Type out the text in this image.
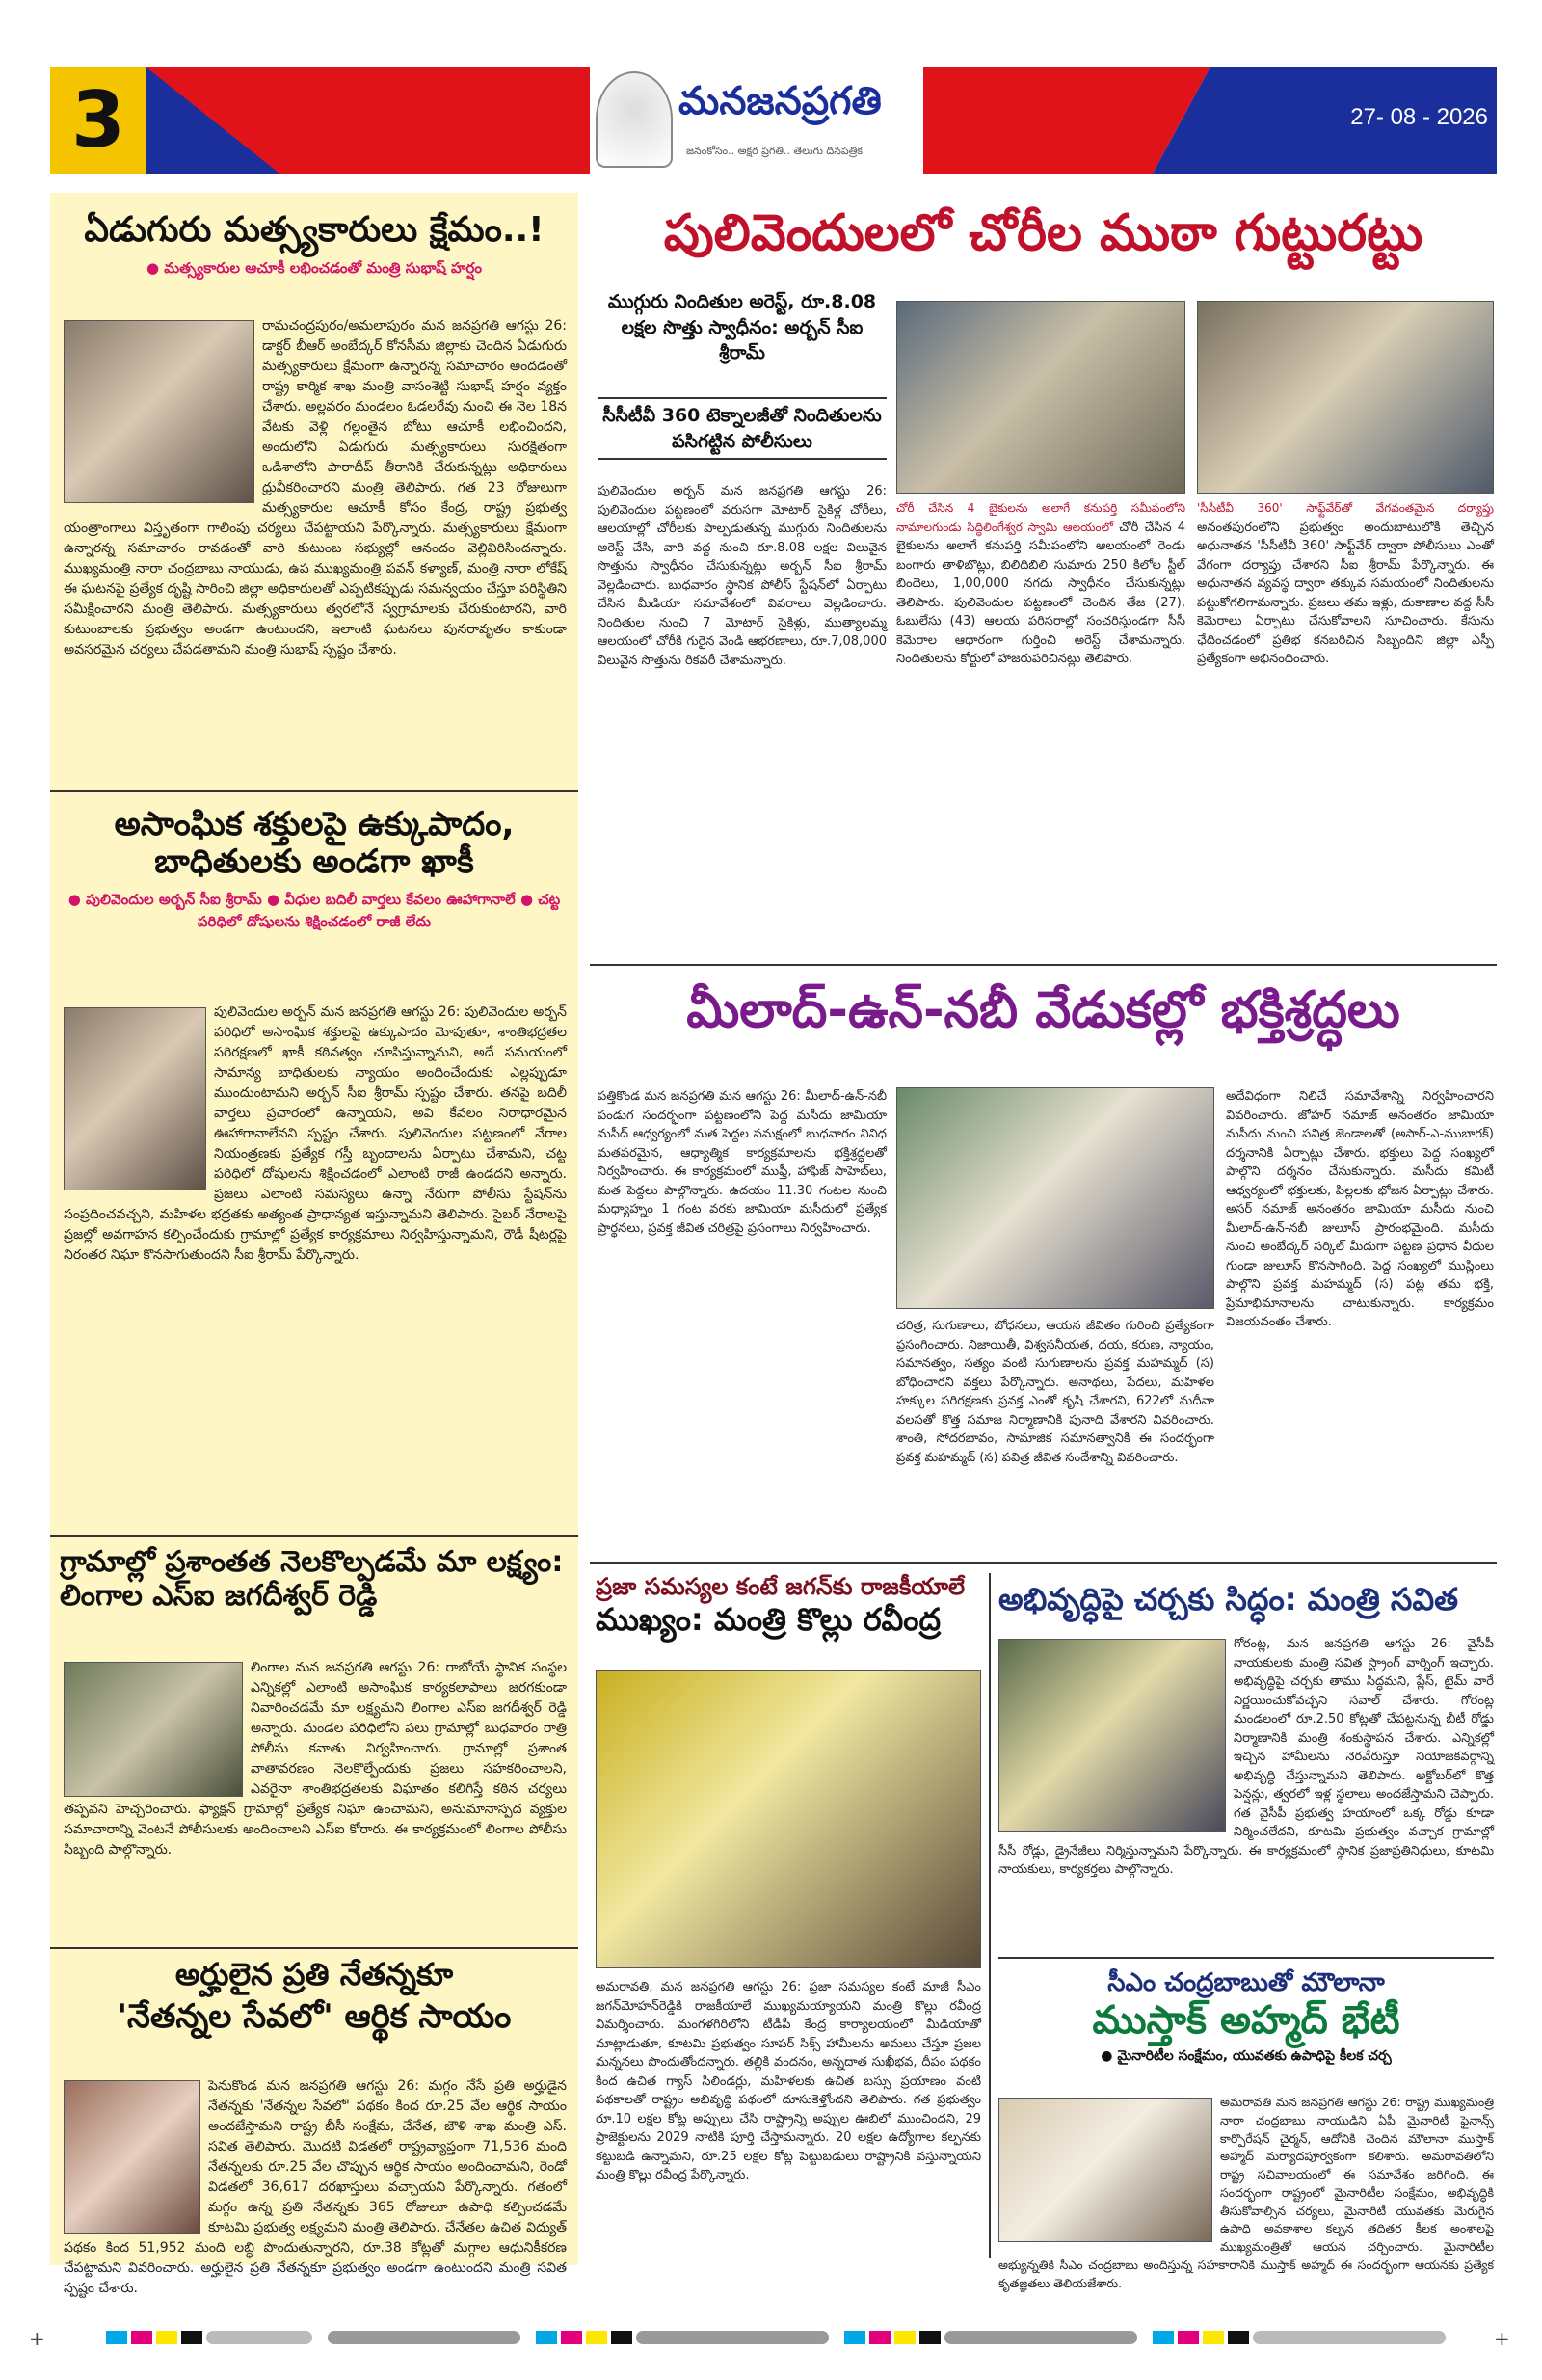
3	మనజనప్రగతి
జనంకోసం.. అక్షర ప్రగతి.. తెలుగు దినపత్రిక
27- 08 - 2026
ఏడుగురు మత్స్యకారులు క్షేమం..!
● మత్స్యకారుల ఆచూకీ లభించడంతో మంత్రి సుభాష్ హర్షం
రామచంద్రపురం/అమలాపురం మన జనప్రగతి ఆగస్టు 26: డాక్టర్ బీఆర్ అంబేద్కర్ కోనసీమ జిల్లాకు చెందిన ఏడుగురు మత్స్యకారులు క్షేమంగా ఉన్నారన్న సమాచారం అందడంతో రాష్ట్ర కార్మిక శాఖ మంత్రి వాసంశెట్టి సుభాష్ హర్షం వ్యక్తం చేశారు. అల్లవరం మండలం ఓడలరేవు నుంచి ఈ నెల 18న వేటకు వెళ్లి గల్లంతైన బోటు ఆచూకీ లభించిందని, అందులోని ఏడుగురు మత్స్యకారులు సురక్షితంగా ఒడిశాలోని పారాదీప్ తీరానికి చేరుకున్నట్లు అధికారులు ధ్రువీకరించారని మంత్రి తెలిపారు. గత 23 రోజులుగా మత్స్యకారుల ఆచూకీ కోసం కేంద్ర, రాష్ట్ర ప్రభుత్వ యంత్రాంగాలు విస్తృతంగా గాలింపు చర్యలు చేపట్టాయని పేర్కొన్నారు. మత్స్యకారులు క్షేమంగా ఉన్నారన్న సమాచారం రావడంతో వారి కుటుంబ సభ్యుల్లో ఆనందం వెల్లివిరిసిందన్నారు. ముఖ్యమంత్రి నారా చంద్రబాబు నాయుడు, ఉప ముఖ్యమంత్రి పవన్ కళ్యాణ్, మంత్రి నారా లోకేష్ ఈ ఘటనపై ప్రత్యేక దృష్టి సారించి జిల్లా అధికారులతో ఎప్పటికప్పుడు సమన్వయం చేస్తూ పరిస్థితిని సమీక్షించారని మంత్రి తెలిపారు. మత్స్యకారులు త్వరలోనే స్వగ్రామాలకు చేరుకుంటారని, వారి కుటుంబాలకు ప్రభుత్వం అండగా ఉంటుందని, ఇలాంటి ఘటనలు పునరావృతం కాకుండా అవసరమైన చర్యలు చేపడతామని మంత్రి సుభాష్ స్పష్టం చేశారు.
అసాంఘిక శక్తులపై ఉక్కుపాదం, బాధితులకు అండగా ఖాకీ
● పులివెందుల అర్బన్ సీఐ శ్రీరామ్ ● వీధుల బదిలీ వార్తలు కేవలం ఊహాగానాలే ● చట్ట పరిధిలో దోషులను శిక్షించడంలో రాజీ లేదు
పులివెందుల అర్బన్ మన జనప్రగతి ఆగస్టు 26: పులివెందుల అర్బన్ పరిధిలో అసాంఘిక శక్తులపై ఉక్కుపాదం మోపుతూ, శాంతిభద్రతల పరిరక్షణలో ఖాకీ కఠినత్వం చూపిస్తున్నామని, అదే సమయంలో సామాన్య బాధితులకు న్యాయం అందించేందుకు ఎల్లప్పుడూ ముందుంటామని అర్బన్ సీఐ శ్రీరామ్ స్పష్టం చేశారు. తనపై బదిలీ వార్తలు ప్రచారంలో ఉన్నాయని, అవి కేవలం నిరాధారమైన ఊహాగానాలేనని స్పష్టం చేశారు. పులివెందుల పట్టణంలో నేరాల నియంత్రణకు ప్రత్యేక గస్తీ బృందాలను ఏర్పాటు చేశామని, చట్ట పరిధిలో దోషులను శిక్షించడంలో ఎలాంటి రాజీ ఉండదని అన్నారు. ప్రజలు ఎలాంటి సమస్యలు ఉన్నా నేరుగా పోలీసు స్టేషన్‌ను సంప్రదించవచ్చని, మహిళల భద్రతకు అత్యంత ప్రాధాన్యత ఇస్తున్నామని తెలిపారు. సైబర్ నేరాలపై ప్రజల్లో అవగాహన కల్పించేందుకు గ్రామాల్లో ప్రత్యేక కార్యక్రమాలు నిర్వహిస్తున్నామని, రౌడీ షీటర్లపై నిరంతర నిఘా కొనసాగుతుందని సీఐ శ్రీరామ్ పేర్కొన్నారు.
గ్రామాల్లో ప్రశాంతత నెలకొల్పడమే మా లక్ష్యం: లింగాల ఎస్ఐ జగదీశ్వర్ రెడ్డి
లింగాల మన జనప్రగతి ఆగస్టు 26: రాబోయే స్థానిక సంస్థల ఎన్నికల్లో ఎలాంటి అసాంఘిక కార్యకలాపాలు జరగకుండా నివారించడమే మా లక్ష్యమని లింగాల ఎస్ఐ జగదీశ్వర్ రెడ్డి అన్నారు. మండల పరిధిలోని పలు గ్రామాల్లో బుధవారం రాత్రి పోలీసు కవాతు నిర్వహించారు. గ్రామాల్లో ప్రశాంత వాతావరణం నెలకొల్పేందుకు ప్రజలు సహకరించాలని, ఎవరైనా శాంతిభద్రతలకు విఘాతం కలిగిస్తే కఠిన చర్యలు తప్పవని హెచ్చరించారు. ఫ్యాక్షన్ గ్రామాల్లో ప్రత్యేక నిఘా ఉంచామని, అనుమానాస్పద వ్యక్తుల సమాచారాన్ని వెంటనే పోలీసులకు అందించాలని ఎస్ఐ కోరారు. ఈ కార్యక్రమంలో లింగాల పోలీసు సిబ్బంది పాల్గొన్నారు.
అర్హులైన ప్రతి నేతన్నకూ
'నేతన్నల సేవలో' ఆర్థిక సాయం
పెనుకొండ మన జనప్రగతి ఆగస్టు 26: మగ్గం నేసే ప్రతి అర్హుడైన నేతన్నకు 'నేతన్నల సేవలో' పథకం కింద రూ.25 వేల ఆర్థిక సాయం అందజేస్తామని రాష్ట్ర బీసీ సంక్షేమ, చేనేత, జౌళి శాఖ మంత్రి ఎస్. సవిత తెలిపారు. మొదటి విడతలో రాష్ట్రవ్యాప్తంగా 71,536 మంది నేతన్నలకు రూ.25 వేల చొప్పున ఆర్థిక సాయం అందించామని, రెండో విడతలో 36,617 దరఖాస్తులు వచ్చాయని పేర్కొన్నారు. గతంలో మగ్గం ఉన్న ప్రతి నేతన్నకు 365 రోజులూ ఉపాధి కల్పించడమే కూటమి ప్రభుత్వ లక్ష్యమని మంత్రి తెలిపారు. చేనేతల ఉచిత విద్యుత్ పథకం కింద 51,952 మంది లబ్ధి పొందుతున్నారని, రూ.38 కోట్లతో మగ్గాల ఆధునికీకరణ చేపట్టామని వివరించారు. అర్హులైన ప్రతి నేతన్నకూ ప్రభుత్వం అండగా ఉంటుందని మంత్రి సవిత స్పష్టం చేశారు.
పులివెందులలో చోరీల ముఠా గుట్టురట్టు
ముగ్గురు నిందితుల అరెస్ట్, రూ.8.08 లక్షల సొత్తు స్వాధీనం: అర్బన్ సీఐ శ్రీరామ్
సీసీటీవీ 360 టెక్నాలజీతో నిందితులను పసిగట్టిన పోలీసులు
పులివెందుల అర్బన్ మన జనప్రగతి ఆగస్టు 26: పులివెందుల పట్టణంలో వరుసగా మోటార్ సైకిళ్ల చోరీలు, ఆలయాల్లో చోరీలకు పాల్పడుతున్న ముగ్గురు నిందితులను అరెస్ట్ చేసి, వారి వద్ద నుంచి రూ.8.08 లక్షల విలువైన సొత్తును స్వాధీనం చేసుకున్నట్లు అర్బన్ సీఐ శ్రీరామ్ వెల్లడించారు. బుధవారం స్థానిక పోలీస్ స్టేషన్‌లో ఏర్పాటు చేసిన మీడియా సమావేశంలో వివరాలు వెల్లడించారు. నిందితుల నుంచి 7 మోటార్ సైకిళ్లు, ముత్యాలమ్మ ఆలయంలో చోరీకి గురైన వెండి ఆభరణాలు, రూ.7,08,000 విలువైన సొత్తును రికవరీ చేశామన్నారు.
చోరీ చేసిన 4 బైకులను అలాగే కనుపర్తి సమీపంలోని నామాలగుండు సిద్ధిలింగేశ్వర స్వామి ఆలయంలో చోరీ చేసిన 4 బైకులను అలాగే కనుపర్తి సమీపంలోని ఆలయంలో రెండు బంగారు తాళిబొట్లు, బిలిదిబిలి సుమారు 250 కిలోల స్టీల్ బిందెలు, 1,00,000 నగదు స్వాధీనం చేసుకున్నట్లు తెలిపారు. పులివెందుల పట్టణంలో చెందిన తేజ (27), ఓబులేసు (43) ఆలయ పరిసరాల్లో సంచరిస్తుండగా సీసీ కెమెరాల ఆధారంగా గుర్తించి అరెస్ట్ చేశామన్నారు. నిందితులను కోర్టులో హాజరుపరిచినట్లు తెలిపారు.
'సీసీటీవీ 360' సాఫ్ట్‌వేర్‌తో వేగవంతమైన దర్యాప్తు అనంతపురంలోని ప్రభుత్వం అందుబాటులోకి తెచ్చిన అధునాతన 'సీసీటీవీ 360' సాఫ్ట్‌వేర్ ద్వారా పోలీసులు ఎంతో వేగంగా దర్యాప్తు చేశారని సీఐ శ్రీరామ్ పేర్కొన్నారు. ఈ అధునాతన వ్యవస్థ ద్వారా తక్కువ సమయంలో నిందితులను పట్టుకోగలిగామన్నారు. ప్రజలు తమ ఇళ్లు, దుకాణాల వద్ద సీసీ కెమెరాలు ఏర్పాటు చేసుకోవాలని సూచించారు. కేసును ఛేదించడంలో ప్రతిభ కనబరిచిన సిబ్బందిని జిల్లా ఎస్పీ ప్రత్యేకంగా అభినందించారు.
మీలాద్-ఉన్-నబీ వేడుకల్లో భక్తిశ్రద్ధలు
పత్తికొండ మన జనప్రగతి మన ఆగస్టు 26: మీలాద్-ఉన్-నబీ పండుగ సందర్భంగా పట్టణంలోని పెద్ద మసీదు జామియా మసీద్ ఆధ్వర్యంలో మత పెద్దల సమక్షంలో బుధవారం వివిధ మతపరమైన, ఆధ్యాత్మిక కార్యక్రమాలను భక్తిశ్రద్ధలతో నిర్వహించారు. ఈ కార్యక్రమంలో ముఫ్తీ, హాఫిజ్ సాహెబ్‌లు, మత పెద్దలు పాల్గొన్నారు. ఉదయం 11.30 గంటల నుంచి మధ్యాహ్నం 1 గంట వరకు జామియా మసీదులో ప్రత్యేక ప్రార్థనలు, ప్రవక్త జీవిత చరిత్రపై ప్రసంగాలు నిర్వహించారు.
చరిత్ర, సుగుణాలు, బోధనలు, ఆయన జీవితం గురించి ప్రత్యేకంగా ప్రసంగించారు. నిజాయితీ, విశ్వసనీయత, దయ, కరుణ, న్యాయం, సమానత్వం, సత్యం వంటి సుగుణాలను ప్రవక్త మహమ్మద్ (స) బోధించారని వక్తలు పేర్కొన్నారు. అనాథలు, పేదలు, మహిళల హక్కుల పరిరక్షణకు ప్రవక్త ఎంతో కృషి చేశారని, 622లో మదీనా వలసతో కొత్త సమాజ నిర్మాణానికి పునాది వేశారని వివరించారు. శాంతి, సోదరభావం, సామాజిక సమానత్వానికి ఈ సందర్భంగా ప్రవక్త మహమ్మద్ (స) పవిత్ర జీవిత సందేశాన్ని వివరించారు.
అదేవిధంగా నిలిచే సమావేశాన్ని నిర్వహించారని వివరించారు. జోహర్ నమాజ్ అనంతరం జామియా మసీదు నుంచి పవిత్ర జెండాలతో (అసార్-ఎ-ముబారక్) దర్శనానికి ఏర్పాట్లు చేశారు. భక్తులు పెద్ద సంఖ్యలో పాల్గొని దర్శనం చేసుకున్నారు. మసీదు కమిటీ ఆధ్వర్యంలో భక్తులకు, పిల్లలకు భోజన ఏర్పాట్లు చేశారు. అసర్ నమాజ్ అనంతరం జామియా మసీదు నుంచి మీలాద్-ఉన్-నబీ జులూస్ ప్రారంభమైంది. మసీదు నుంచి అంబేద్కర్ సర్కిల్ మీదుగా పట్టణ ప్రధాన వీధుల గుండా జులూస్ కొనసాగింది. పెద్ద సంఖ్యలో ముస్లింలు పాల్గొని ప్రవక్త మహమ్మద్ (స) పట్ల తమ భక్తి, ప్రేమాభిమానాలను చాటుకున్నారు. కార్యక్రమం విజయవంతం చేశారు.
ప్రజా సమస్యల కంటే జగన్‌కు రాజకీయాలే
ముఖ్యం: మంత్రి కొల్లు రవీంద్ర
అమరావతి, మన జనప్రగతి ఆగస్టు 26: ప్రజా సమస్యల కంటే మాజీ సీఎం జగన్‌మోహన్‌రెడ్డికి రాజకీయాలే ముఖ్యమయ్యాయని మంత్రి కొల్లు రవీంద్ర విమర్శించారు. మంగళగిరిలోని టీడీపీ కేంద్ర కార్యాలయంలో మీడియాతో మాట్లాడుతూ, కూటమి ప్రభుత్వం సూపర్ సిక్స్ హామీలను అమలు చేస్తూ ప్రజల మన్ననలు పొందుతోందన్నారు. తల్లికి వందనం, అన్నదాత సుఖీభవ, దీపం పథకం కింద ఉచిత గ్యాస్ సిలిండర్లు, మహిళలకు ఉచిత బస్సు ప్రయాణం వంటి పథకాలతో రాష్ట్రం అభివృద్ధి పథంలో దూసుకెళ్తోందని తెలిపారు. గత ప్రభుత్వం రూ.10 లక్షల కోట్ల అప్పులు చేసి రాష్ట్రాన్ని అప్పుల ఊబిలో ముంచిందని, 29 ప్రాజెక్టులను 2029 నాటికి పూర్తి చేస్తామన్నారు. 20 లక్షల ఉద్యోగాల కల్పనకు కట్టుబడి ఉన్నామని, రూ.25 లక్షల కోట్ల పెట్టుబడులు రాష్ట్రానికి వస్తున్నాయని మంత్రి కొల్లు రవీంద్ర పేర్కొన్నారు.
అభివృద్ధిపై చర్చకు సిద్ధం: మంత్రి సవిత
గోరంట్ల, మన జనప్రగతి ఆగస్టు 26: వైసీపీ నాయకులకు మంత్రి సవిత స్ట్రాంగ్ వార్నింగ్ ఇచ్చారు. అభివృద్ధిపై చర్చకు తాము సిద్ధమని, ప్లేస్, టైమ్ వారే నిర్ణయించుకోవచ్చని సవాల్ చేశారు. గోరంట్ల మండలంలో రూ.2.50 కోట్లతో చేపట్టనున్న బీటీ రోడ్డు నిర్మాణానికి మంత్రి శంకుస్థాపన చేశారు. ఎన్నికల్లో ఇచ్చిన హామీలను నెరవేరుస్తూ నియోజకవర్గాన్ని అభివృద్ధి చేస్తున్నామని తెలిపారు. అక్టోబర్‌లో కొత్త పెన్షన్లు, త్వరలో ఇళ్ల స్థలాలు అందజేస్తామని చెప్పారు. గత వైసీపీ ప్రభుత్వ హయాంలో ఒక్క రోడ్డు కూడా నిర్మించలేదని, కూటమి ప్రభుత్వం వచ్చాక గ్రామాల్లో సీసీ రోడ్లు, డ్రైనేజీలు నిర్మిస్తున్నామని పేర్కొన్నారు. ఈ కార్యక్రమంలో స్థానిక ప్రజాప్రతినిధులు, కూటమి నాయకులు, కార్యకర్తలు పాల్గొన్నారు.
సీఎం చంద్రబాబుతో మౌలానా
ముస్తాక్ అహ్మద్ భేటీ
● మైనారిటీల సంక్షేమం, యువతకు ఉపాధిపై కీలక చర్చ
అమరావతి మన జనప్రగతి ఆగస్టు 26: రాష్ట్ర ముఖ్యమంత్రి నారా చంద్రబాబు నాయుడిని ఏపీ మైనారిటీ ఫైనాన్స్ కార్పొరేషన్ చైర్మన్, ఆదోనికి చెందిన మౌలానా ముస్తాక్ అహ్మద్ మర్యాదపూర్వకంగా కలిశారు. అమరావతిలోని రాష్ట్ర సచివాలయంలో ఈ సమావేశం జరిగింది. ఈ సందర్భంగా రాష్ట్రంలో మైనారిటీల సంక్షేమం, అభివృద్ధికి తీసుకోవాల్సిన చర్యలు, మైనారిటీ యువతకు మెరుగైన ఉపాధి అవకాశాల కల్పన తదితర కీలక అంశాలపై ముఖ్యమంత్రితో ఆయన చర్చించారు. మైనారిటీల అభ్యున్నతికి సీఎం చంద్రబాబు అందిస్తున్న సహకారానికి ముస్తాక్ అహ్మద్ ఈ సందర్భంగా ఆయనకు ప్రత్యేక కృతజ్ఞతలు తెలియజేశారు.
+	+
